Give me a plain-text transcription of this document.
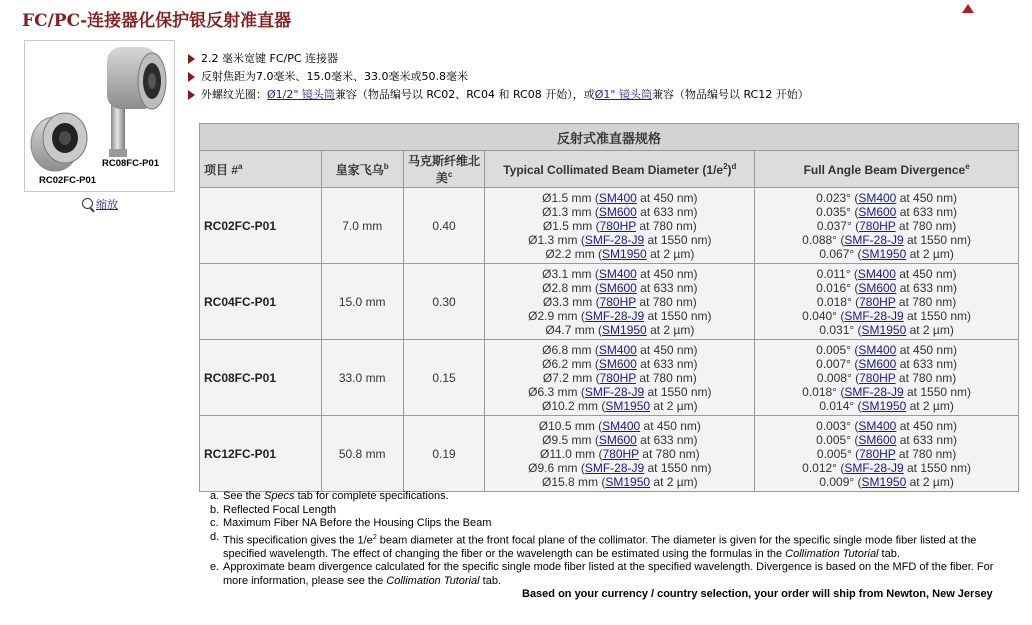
FC/PC-连接器化保护银反射准直器
RC08FC-P01
RC02FC-P01
缩放
2.2 毫米宽键 FC/PC 连接器
反射焦距为7.0毫米、15.0毫米、33.0毫米或50.8毫米
外螺纹光圈： Ø1/2" 镜头筒 兼容（物品编号以 RC02、RC04 和 RC08 开始），或 Ø1" 镜头筒 兼容（物品编号以 RC12 开始）
反射式准直器规格				
项目 #$^a$	皇家飞乌$^b$	马克斯纤维北美$^c$	Typical Collimated Beam Diameter $(1/e^2)^d$	Full Angle Beam Divergence$^e$
RC02FC-P01	7.0 mm	0.40	Ø1.5 mm (SM400 at 450 nm)
Ø1.3 mm (SM600 at 633 nm)
Ø1.5 mm (780HP at 780 nm)
Ø1.3 mm (SMF-28-J9 at 1550 nm)
Ø2.2 mm (SM1950 at 2 µm)	0.023° (SM400 at 450 nm)
0.035° (SM600 at 633 nm)
0.037° (780HP at 780 nm)
0.088° (SMF-28-J9 at 1550 nm)
0.067° (SM1950 at 2 µm)

RC04FC-P01	15.0 mm	0.30	Ø3.1 mm (SM400 at 450 nm)
Ø2.8 mm (SM600 at 633 nm)
Ø3.3 mm (780HP at 780 nm)
Ø2.9 mm (SMF-28-J9 at 1550 nm)
Ø4.7 mm (SM1950 at 2 µm)	0.011° (SM400 at 450 nm)
0.016° (SM600 at 633 nm)
0.018° (780HP at 780 nm)
0.040° (SMF-28-J9 at 1550 nm)
0.031° (SM1950 at 2 µm)

RC08FC-P01	33.0 mm	0.15	Ø6.8 mm (SM400 at 450 nm)
Ø6.2 mm (SM600 at 633 nm)
Ø7.2 mm (780HP at 780 nm)
Ø6.3 mm (SMF-28-J9 at 1550 nm)
Ø10.2 mm (SM1950 at 2 µm)	0.005° (SM400 at 450 nm)
0.007° (SM600 at 633 nm)
0.008° (780HP at 780 nm)
0.018° (SMF-28-J9 at 1550 nm)
0.014° (SM1950 at 2 µm)

RC12FC-P01	50.8 mm	0.19	Ø10.5 mm (SM400 at 450 nm)
Ø9.5 mm (SM600 at 633 nm)
Ø11.0 mm (780HP at 780 nm)
Ø9.6 mm (SMF-28-J9 at 1550 nm)
Ø15.8 mm (SM1950 at 2 µm)	0.003° (SM400 at 450 nm)
0.005° (SM600 at 633 nm)
0.005° (780HP at 780 nm)
0.012° (SMF-28-J9 at 1550 nm)
0.009° (SM1950 at 2 µm)
a. See the Specs tab for complete specifications.
b. Reflected Focal Length
c. Maximum Fiber NA Before the Housing Clips the Beam
d. This specification gives the $1/e^2$ beam diameter at the front focal plane of the collimator. The diameter is given for the specific single mode fiber listed at the specified wavelength. The effect of changing the fiber or the wavelength can be estimated using the formulas in the Collimation Tutorial tab.
e. Approximate beam divergence calculated for the specific single mode fiber listed at the specified wavelength. Divergence is based on the MFD of the fiber. For more information, please see the Collimation Tutorial tab.
Based on your currency / country selection, your order will ship from Newton, New Jersey
